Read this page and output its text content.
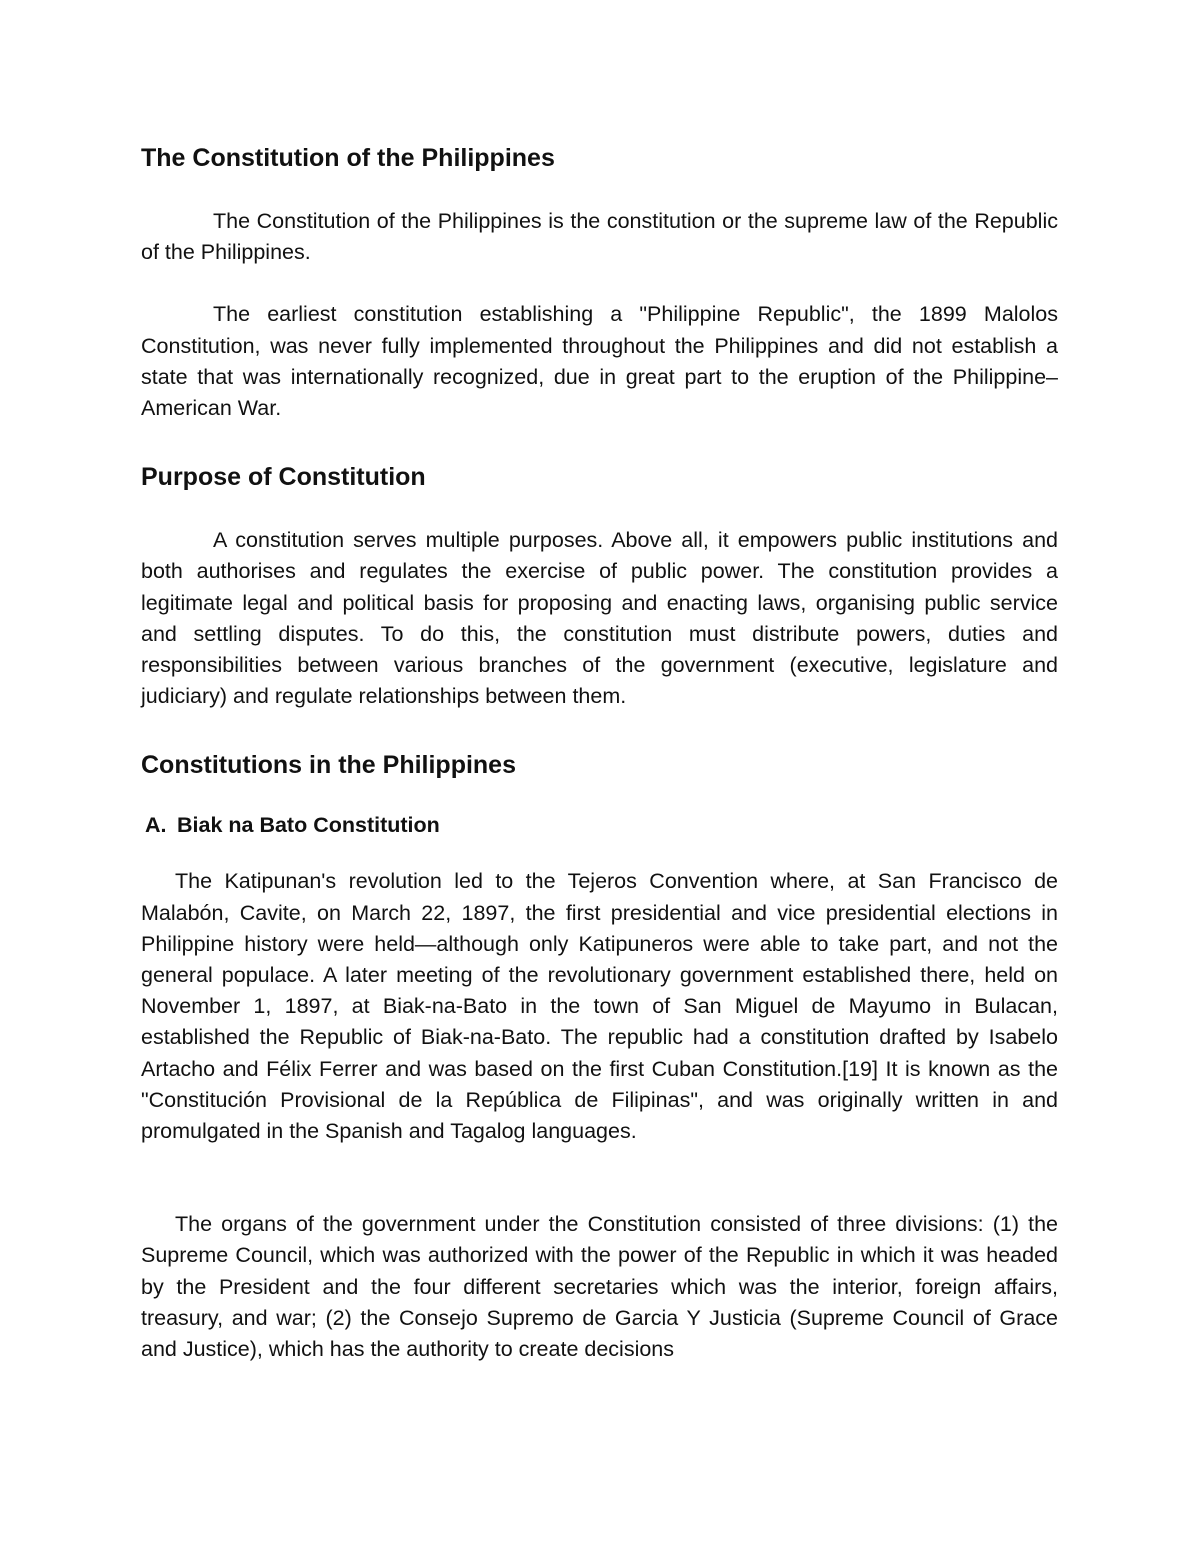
The Constitution of the Philippines

The Constitution of the Philippines is the constitution or the supreme law of the Republic of the Philippines.

The earliest constitution establishing a "Philippine Republic", the 1899 Malolos Constitution, was never fully implemented throughout the Philippines and did not establish a state that was internationally recognized, due in great part to the eruption of the Philippine–American War.

Purpose of Constitution

A constitution serves multiple purposes. Above all, it empowers public institutions and both authorises and regulates the exercise of public power. The constitution provides a legitimate legal and political basis for proposing and enacting laws, organising public service and settling disputes. To do this, the constitution must distribute powers, duties and responsibilities between various branches of the government (executive, legislature and judiciary) and regulate relationships between them.

Constitutions in the Philippines
A. Biak na Bato Constitution

The Katipunan's revolution led to the Tejeros Convention where, at San Francisco de Malabón, Cavite, on March 22, 1897, the first presidential and vice presidential elections in Philippine history were held—although only Katipuneros were able to take part, and not the general populace. A later meeting of the revolutionary government established there, held on November 1, 1897, at Biak-na-Bato in the town of San Miguel de Mayumo in Bulacan, established the Republic of Biak-na-Bato. The republic had a constitution drafted by Isabelo Artacho and Félix Ferrer and was based on the first Cuban Constitution.[19] It is known as the "Constitución Provisional de la República de Filipinas", and was originally written in and promulgated in the Spanish and Tagalog languages.

The organs of the government under the Constitution consisted of three divisions: (1) the Supreme Council, which was authorized with the power of the Republic in which it was headed by the President and the four different secretaries which was the interior, foreign affairs, treasury, and war; (2) the Consejo Supremo de Garcia Y Justicia (Supreme Council of Grace and Justice), which has the authority to create decisions
